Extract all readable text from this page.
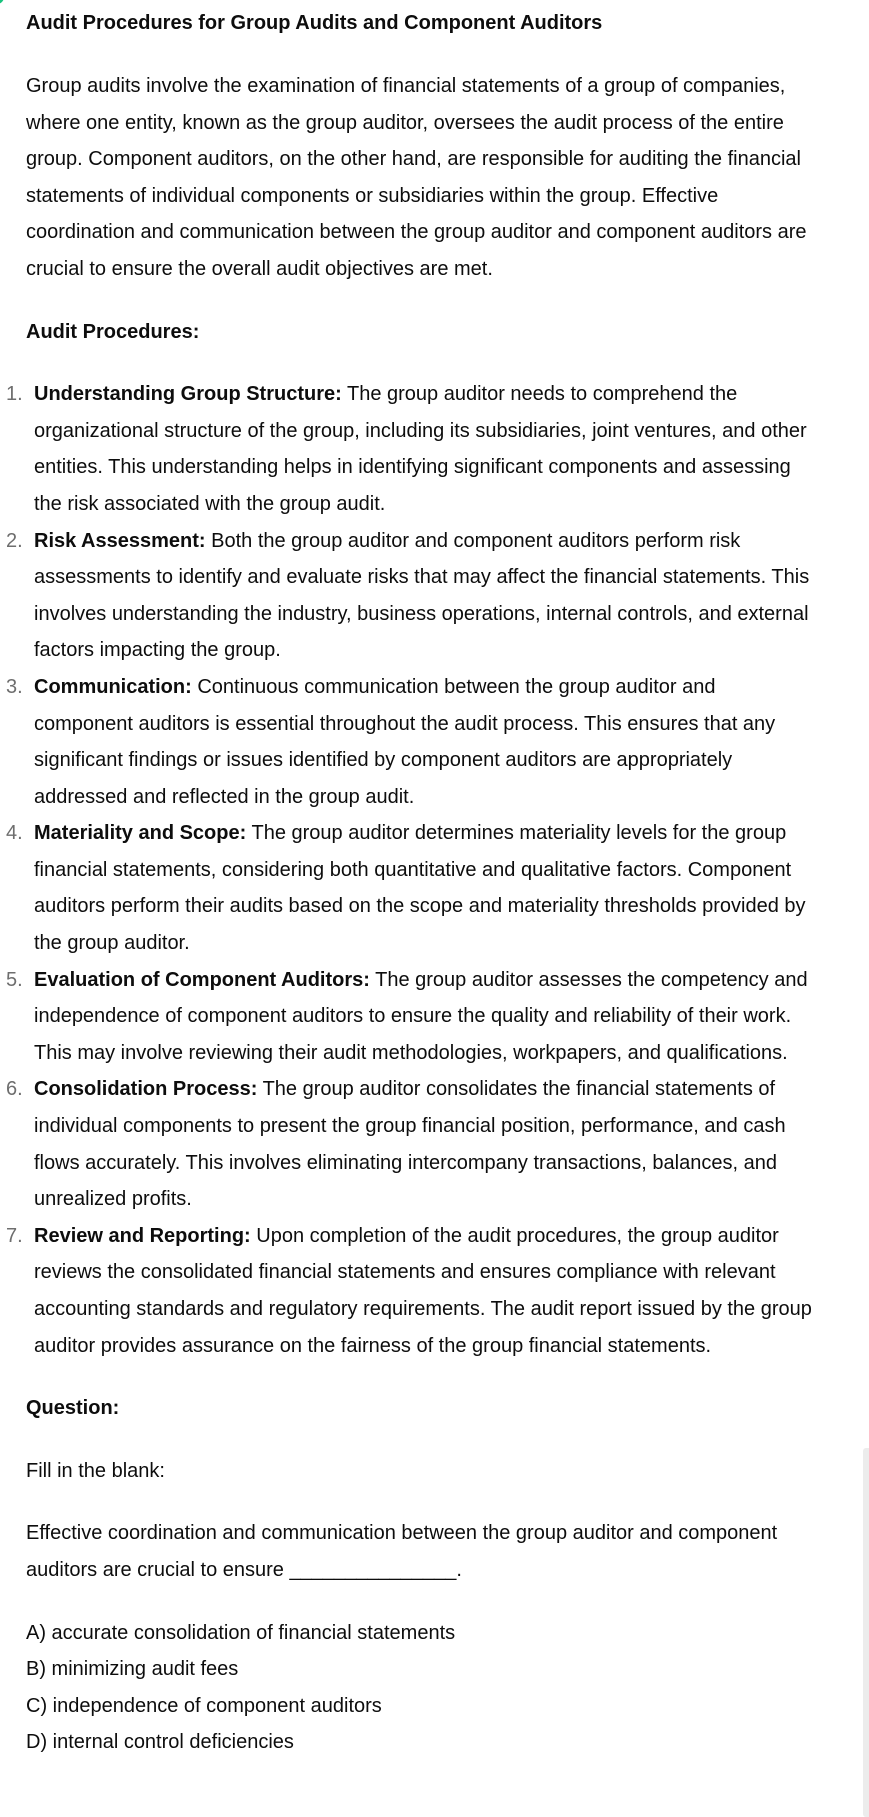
Audit Procedures for Group Audits and Component Auditors

Group audits involve the examination of financial statements of a group of companies, where one entity, known as the group auditor, oversees the audit process of the entire group. Component auditors, on the other hand, are responsible for auditing the financial statements of individual components or subsidiaries within the group. Effective coordination and communication between the group auditor and component auditors are crucial to ensure the overall audit objectives are met.

Audit Procedures:
1. Understanding Group Structure: The group auditor needs to comprehend the organizational structure of the group, including its subsidiaries, joint ventures, and other entities. This understanding helps in identifying significant components and assessing the risk associated with the group audit.
2. Risk Assessment: Both the group auditor and component auditors perform risk assessments to identify and evaluate risks that may affect the financial statements. This involves understanding the industry, business operations, internal controls, and external factors impacting the group.
3. Communication: Continuous communication between the group auditor and component auditors is essential throughout the audit process. This ensures that any significant findings or issues identified by component auditors are appropriately addressed and reflected in the group audit.
4. Materiality and Scope: The group auditor determines materiality levels for the group financial statements, considering both quantitative and qualitative factors. Component auditors perform their audits based on the scope and materiality thresholds provided by the group auditor.
5. Evaluation of Component Auditors: The group auditor assesses the competency and independence of component auditors to ensure the quality and reliability of their work. This may involve reviewing their audit methodologies, workpapers, and qualifications.
6. Consolidation Process: The group auditor consolidates the financial statements of individual components to present the group financial position, performance, and cash flows accurately. This involves eliminating intercompany transactions, balances, and unrealized profits.
7. Review and Reporting: Upon completion of the audit procedures, the group auditor reviews the consolidated financial statements and ensures compliance with relevant accounting standards and regulatory requirements. The audit report issued by the group auditor provides assurance on the fairness of the group financial statements.
Question:

Fill in the blank:

Effective coordination and communication between the group auditor and component auditors are crucial to ensure _______________.

A) accurate consolidation of financial statements
B) minimizing audit fees
C) independence of component auditors
D) internal control deficiencies
